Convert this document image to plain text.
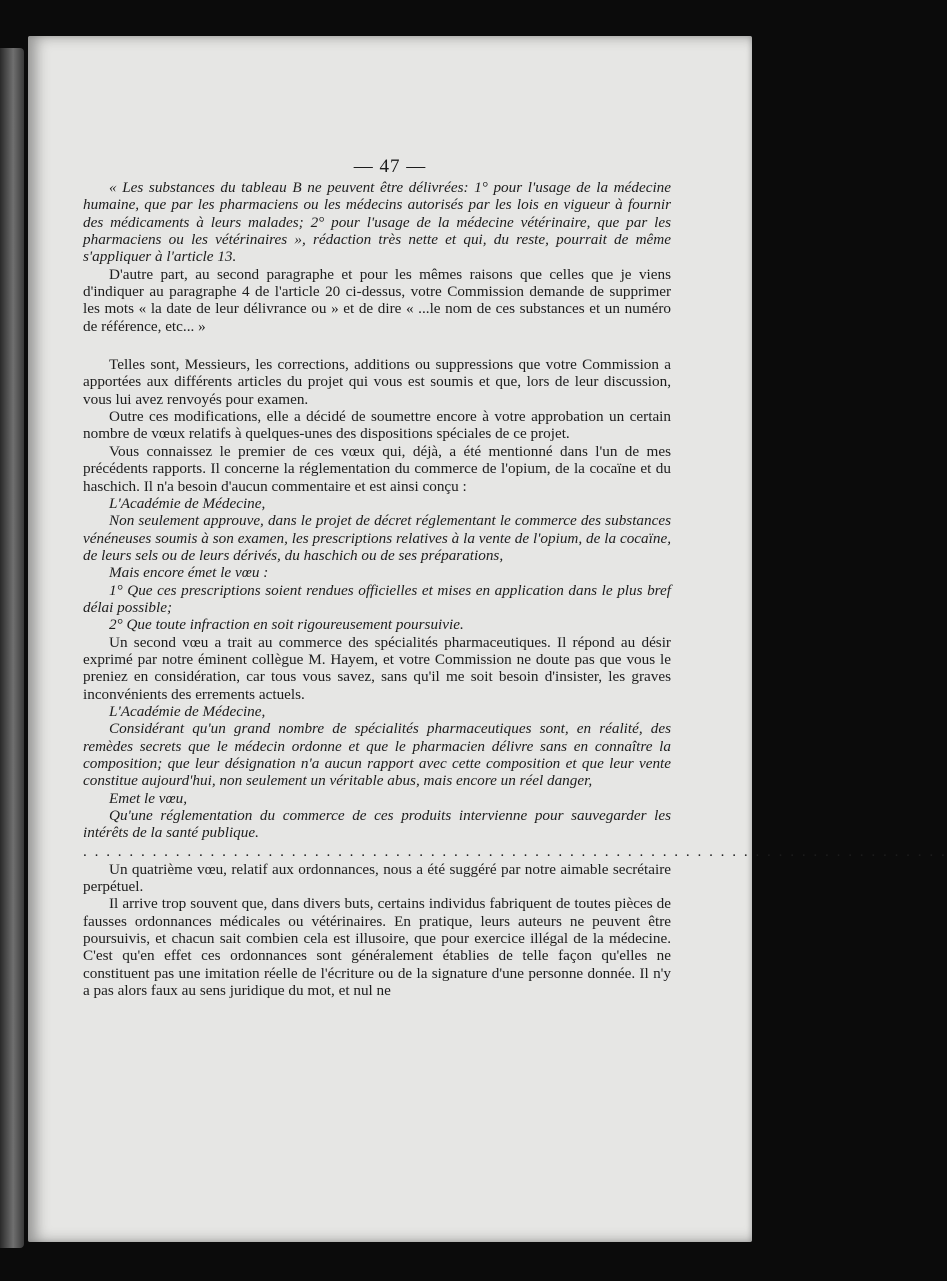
— 47 —

« Les substances du tableau B ne peuvent être délivrées: 1° pour l'usage de la médecine humaine, que par les pharmaciens ou les médecins autorisés par les lois en vigueur à fournir des médicaments à leurs malades; 2° pour l'usage de la médecine vétérinaire, que par les pharmaciens ou les vétérinaires », rédaction très nette et qui, du reste, pourrait de même s'appliquer à l'article 13.

D'autre part, au second paragraphe et pour les mêmes raisons que celles que je viens d'indiquer au paragraphe 4 de l'article 20 ci-dessus, votre Commission demande de supprimer les mots « la date de leur délivrance ou » et de dire « ...le nom de ces substances et un numéro de référence, etc... »

Telles sont, Messieurs, les corrections, additions ou suppressions que votre Commission a apportées aux différents articles du projet qui vous est soumis et que, lors de leur discussion, vous lui avez renvoyés pour examen.

Outre ces modifications, elle a décidé de soumettre encore à votre approbation un certain nombre de vœux relatifs à quelques-unes des dispositions spéciales de ce projet.

Vous connaissez le premier de ces vœux qui, déjà, a été mentionné dans l'un de mes précédents rapports. Il concerne la réglementation du commerce de l'opium, de la cocaïne et du haschich. Il n'a besoin d'aucun commentaire et est ainsi conçu :

L'Académie de Médecine,

Non seulement approuve, dans le projet de décret réglementant le commerce des substances vénéneuses soumis à son examen, les prescriptions relatives à la vente de l'opium, de la cocaïne, de leurs sels ou de leurs dérivés, du haschich ou de ses préparations,

Mais encore émet le vœu :

1° Que ces prescriptions soient rendues officielles et mises en application dans le plus bref délai possible;

2° Que toute infraction en soit rigoureusement poursuivie.

Un second vœu a trait au commerce des spécialités pharmaceutiques. Il répond au désir exprimé par notre éminent collègue M. Hayem, et votre Commission ne doute pas que vous le preniez en considération, car tous vous savez, sans qu'il me soit besoin d'insister, les graves inconvénients des errements actuels.

L'Académie de Médecine,

Considérant qu'un grand nombre de spécialités pharmaceutiques sont, en réalité, des remèdes secrets que le médecin ordonne et que le pharmacien délivre sans en connaître la composition; que leur désignation n'a aucun rapport avec cette composition et que leur vente constitue aujourd'hui, non seulement un véritable abus, mais encore un réel danger,

Emet le vœu,

Qu'une réglementation du commerce de ces produits intervienne pour sauvegarder les intérêts de la santé publique.

. . . . . . . . . . . . . . . . . . . . . . . . . . . . . . . . . . . . . . . . . . . . . . . . . . . . . . . . . . . . . . . . . . . . . . . . . . .

Un quatrième vœu, relatif aux ordonnances, nous a été suggéré par notre aimable secrétaire perpétuel.

Il arrive trop souvent que, dans divers buts, certains individus fabriquent de toutes pièces de fausses ordonnances médicales ou vétérinaires. En pratique, leurs auteurs ne peuvent être poursuivis, et chacun sait combien cela est illusoire, que pour exercice illégal de la médecine. C'est qu'en effet ces ordonnances sont généralement établies de telle façon qu'elles ne constituent pas une imitation réelle de l'écriture ou de la signature d'une personne donnée. Il n'y a pas alors faux au sens juridique du mot, et nul ne
